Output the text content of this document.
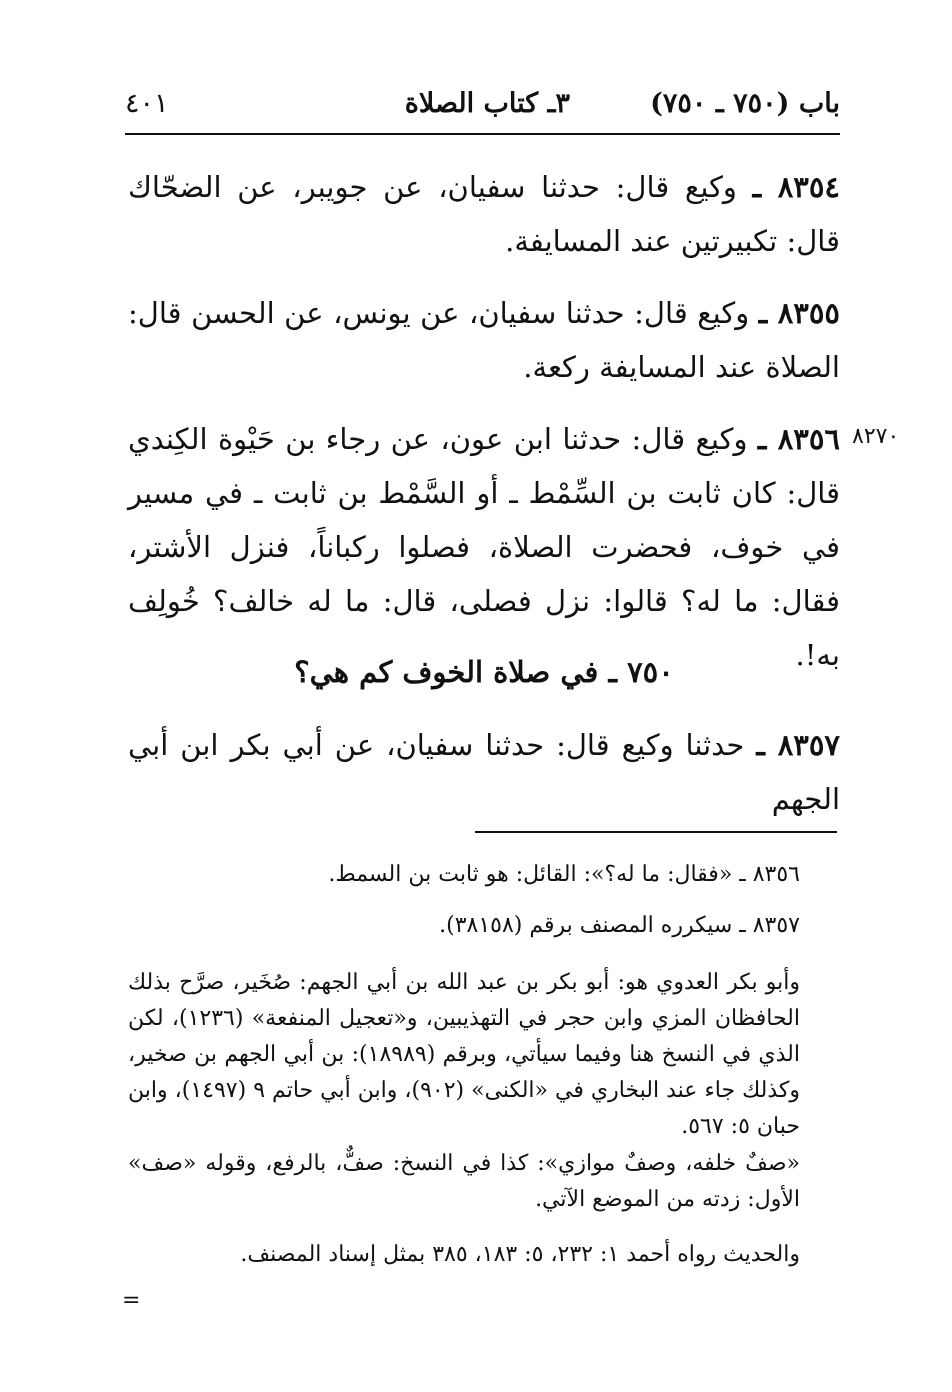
باب (٧٥٠ ـ ٧٥٠)
٣ـ كتاب الصلاة
٤٠١
٨٣٥٤ ـ وكيع قال: حدثنا سفيان، عن جويبر، عن الضحّاك قال: تكبيرتين عند المسايفة.
٨٣٥٥ ـ وكيع قال: حدثنا سفيان، عن يونس، عن الحسن قال: الصلاة عند المسايفة ركعة.
٨٢٧٠
٨٣٥٦ ـ وكيع قال: حدثنا ابن عون، عن رجاء بن حَيْوة الكِندي قال: كان ثابت بن السِّمْط ـ أو السَّمْط بن ثابت ـ في مسير في خوف، فحضرت الصلاة، فصلوا ركباناً، فنزل الأشتر، فقال: ما له؟ قالوا: نزل فصلى، قال: ما له خالف؟ خُولِف به!.
٧٥٠ ـ في صلاة الخوف كم هي؟
٨٣٥٧ ـ حدثنا وكيع قال: حدثنا سفيان، عن أبي بكر ابن أبي الجهم
٨٣٥٦ ـ «فقال: ما له؟»: القائل: هو ثابت بن السمط.
٨٣٥٧ ـ سيكرره المصنف برقم (٣٨١٥٨).
وأبو بكر العدوي هو: أبو بكر بن عبد الله بن أبي الجهم: صُخَير، صرَّح بذلك الحافظان المزي وابن حجر في التهذيبين، و«تعجيل المنفعة» (١٢٣٦)، لكن الذي في النسخ هنا وفيما سيأتي، وبرقم (١٨٩٨٩): بن أبي الجهم بن صخير، وكذلك جاء عند البخاري في «الكنى» (٩٠٢)، وابن أبي حاتم ٩ (١٤٩٧)، وابن حبان ٥: ٥٦٧.
«صفٌ خلفه، وصفٌ موازي»: كذا في النسخ: صفٌّ، بالرفع، وقوله «صف» الأول: زدته من الموضع الآتي.
والحديث رواه أحمد ١: ٢٣٢، ٥: ١٨٣، ٣٨٥ بمثل إسناد المصنف.
=
